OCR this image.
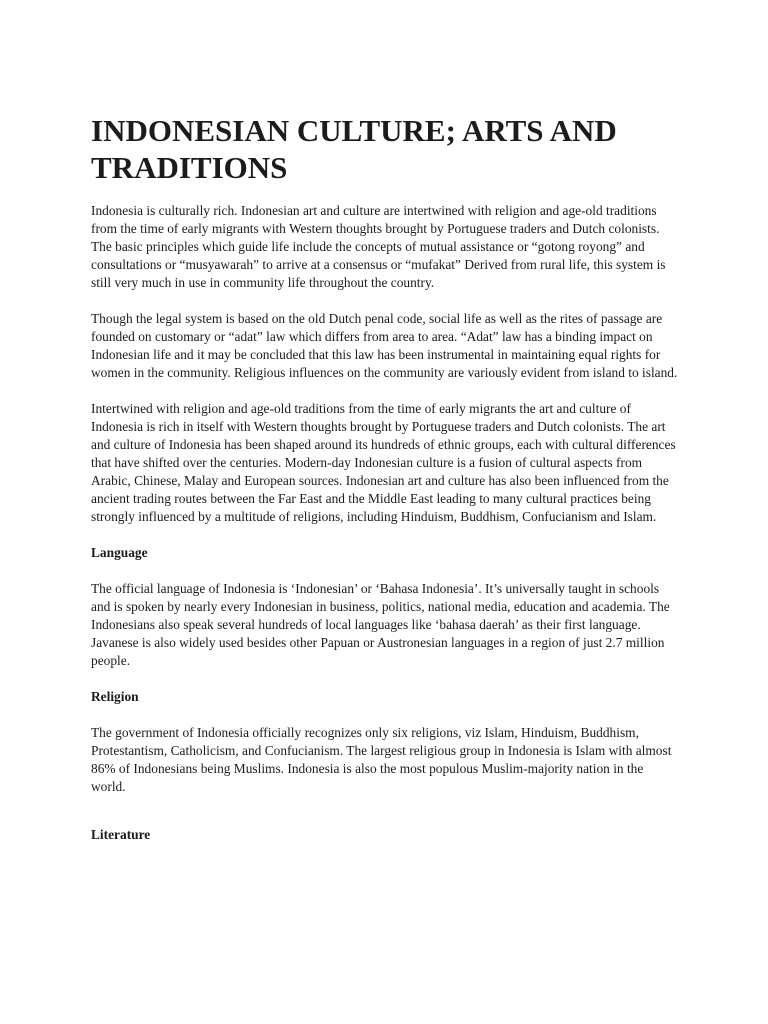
INDONESIAN CULTURE; ARTS AND TRADITIONS

Indonesia is culturally rich. Indonesian art and culture are intertwined with religion and age-old traditions from the time of early migrants with Western thoughts brought by Portuguese traders and Dutch colonists. The basic principles which guide life include the concepts of mutual assistance or “gotong royong” and consultations or “musyawarah” to arrive at a consensus or “mufakat” Derived from rural life, this system is still very much in use in community life throughout the country.

Though the legal system is based on the old Dutch penal code, social life as well as the rites of passage are founded on customary or “adat” law which differs from area to area. “Adat” law has a binding impact on Indonesian life and it may be concluded that this law has been instrumental in maintaining equal rights for women in the community. Religious influences on the community are variously evident from island to island.

Intertwined with religion and age-old traditions from the time of early migrants the art and culture of Indonesia is rich in itself with Western thoughts brought by Portuguese traders and Dutch colonists. The art and culture of Indonesia has been shaped around its hundreds of ethnic groups, each with cultural differences that have shifted over the centuries. Modern-day Indonesian culture is a fusion of cultural aspects from Arabic, Chinese, Malay and European sources. Indonesian art and culture has also been influenced from the ancient trading routes between the Far East and the Middle East leading to many cultural practices being strongly influenced by a multitude of religions, including Hinduism, Buddhism, Confucianism and Islam.

Language

The official language of Indonesia is ‘Indonesian’ or ‘Bahasa Indonesia’. It’s universally taught in schools and is spoken by nearly every Indonesian in business, politics, national media, education and academia. The Indonesians also speak several hundreds of local languages like ‘bahasa daerah’ as their first language. Javanese is also widely used besides other Papuan or Austronesian languages in a region of just 2.7 million people.

Religion

The government of Indonesia officially recognizes only six religions, viz Islam, Hinduism, Buddhism, Protestantism, Catholicism, and Confucianism. The largest religious group in Indonesia is Islam with almost 86% of Indonesians being Muslims. Indonesia is also the most populous Muslim-majority nation in the world.

Literature
